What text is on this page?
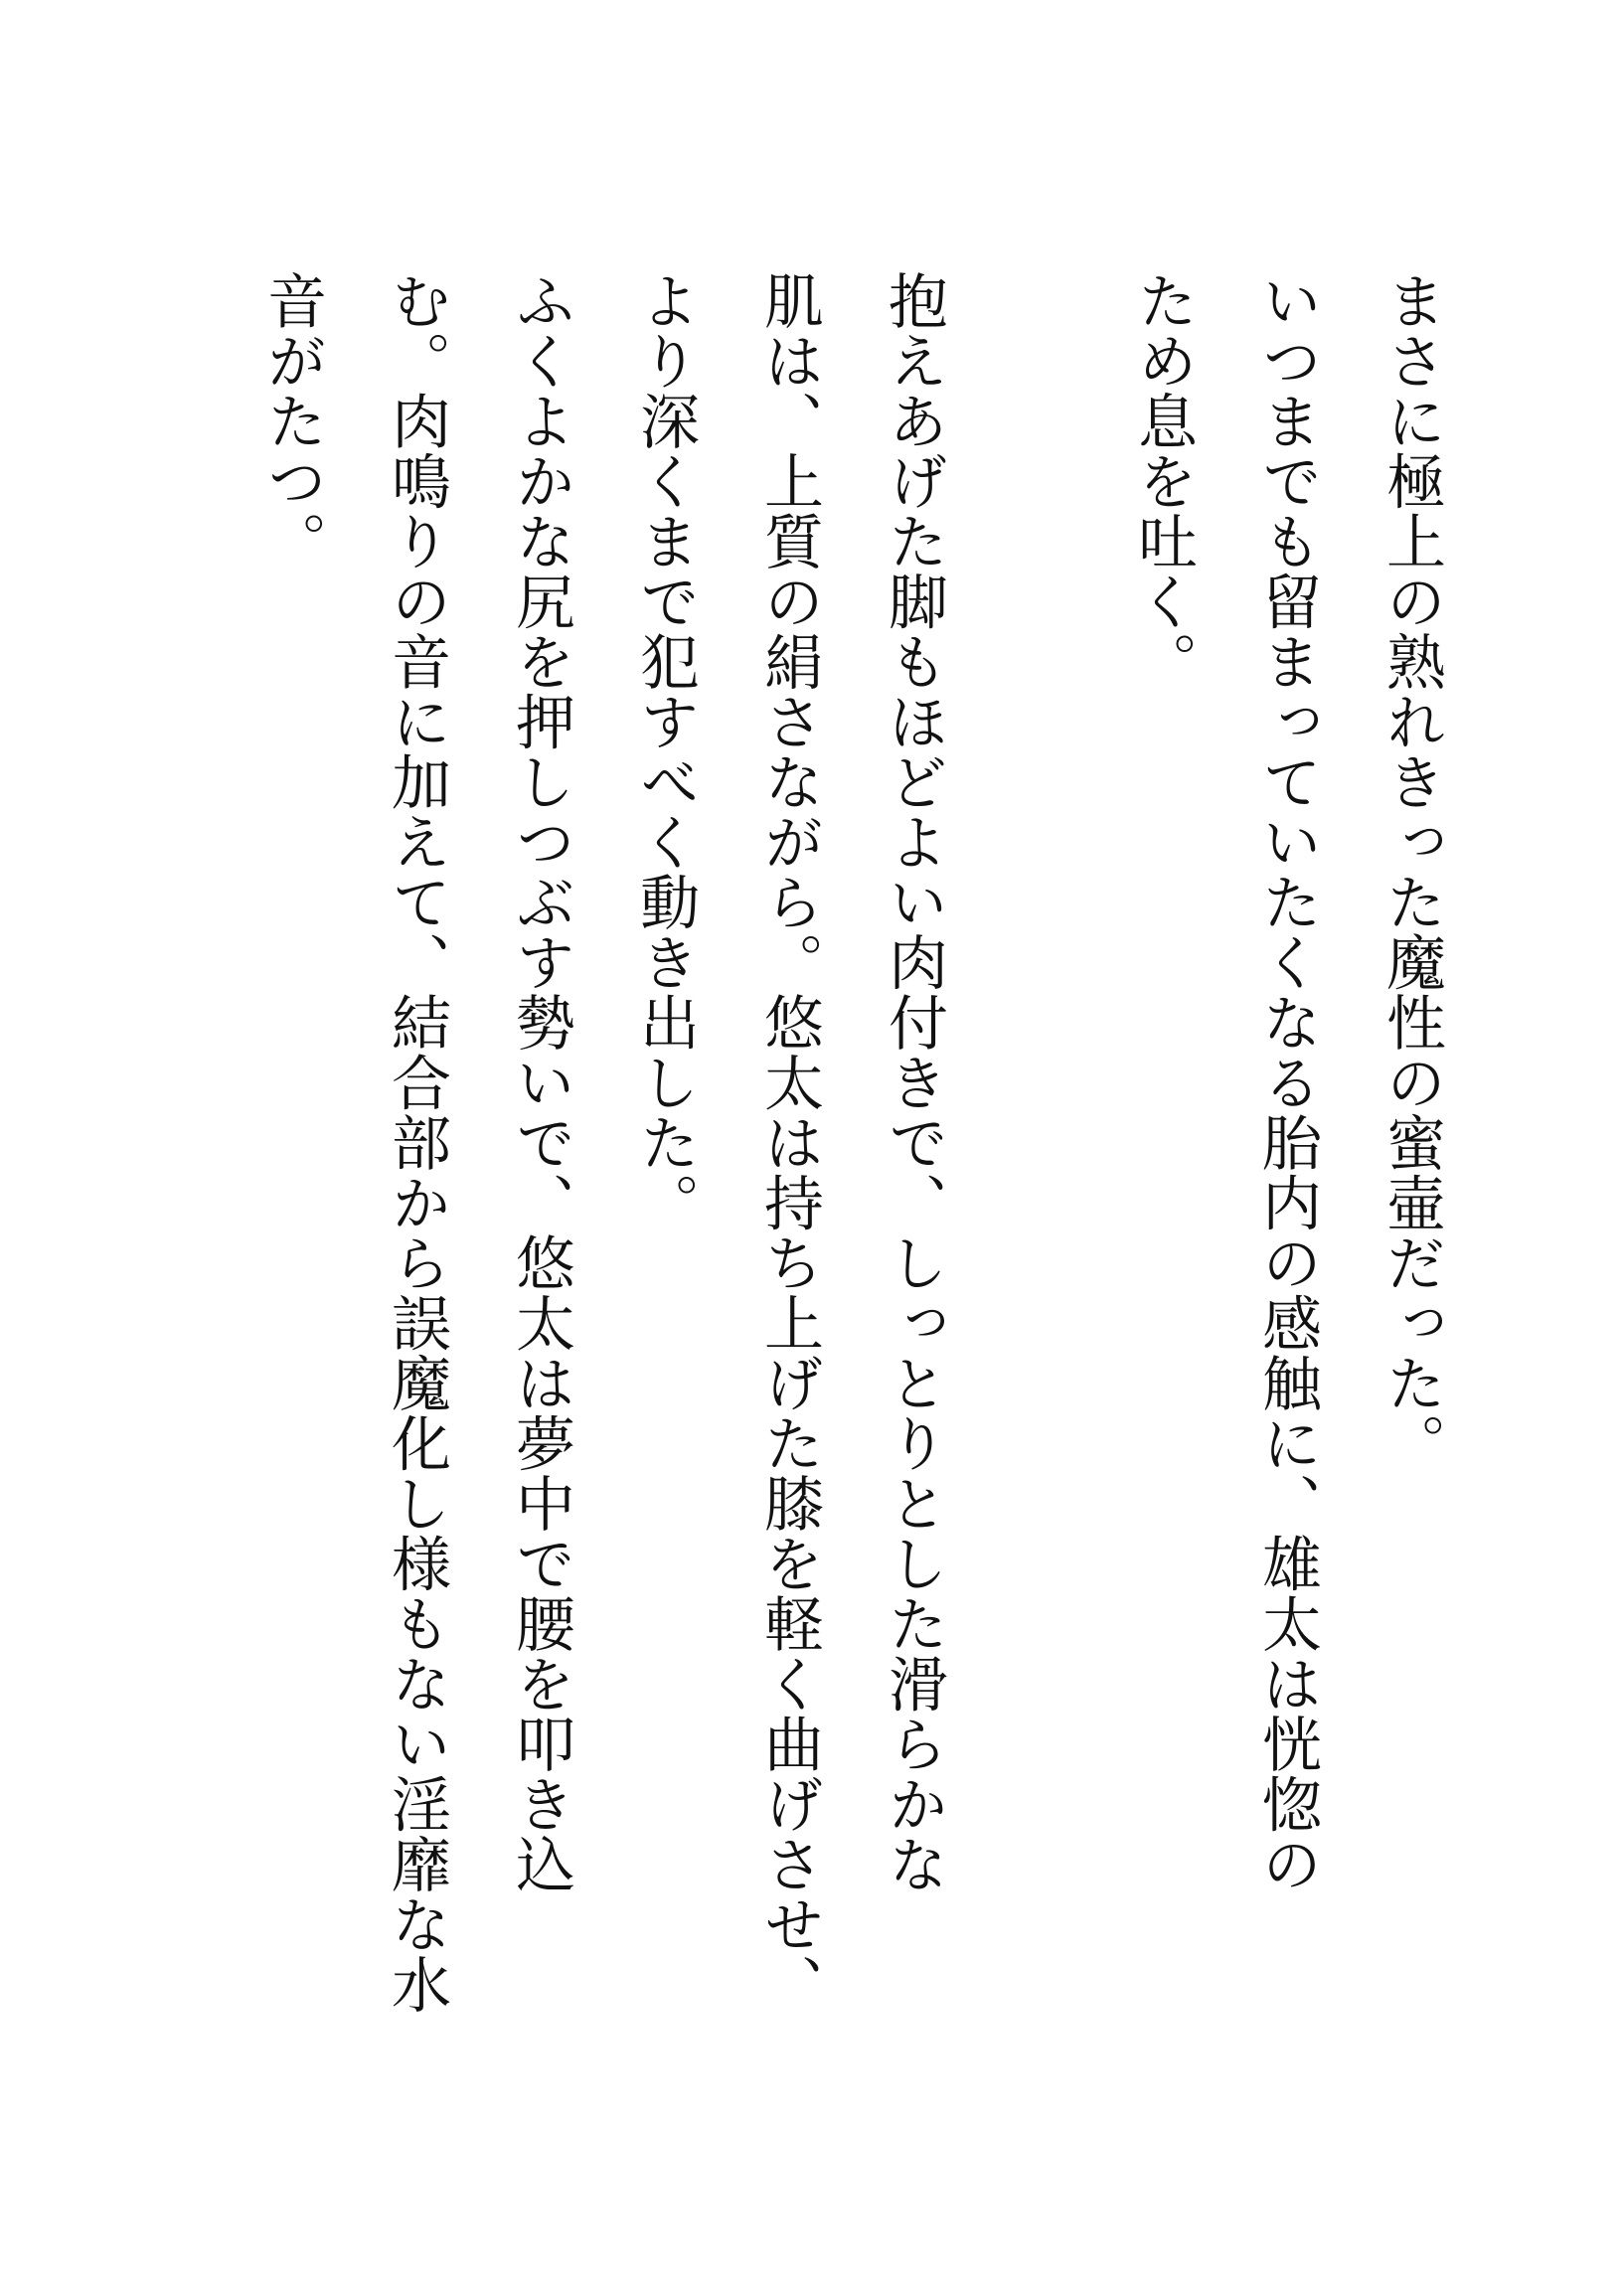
まさに極上の熟れきった魔性の蜜壷だった。
いつまでも留まっていたくなる胎内の感触に、雄太は恍惚の
ため息を吐く。
抱えあげた脚もほどよい肉付きで、しっとりとした滑らかな
肌は、上質の絹さながら。悠太は持ち上げた膝を軽く曲げさせ、
より深くまで犯すべく動き出した。
ふくよかな尻を押しつぶす勢いで、悠太は夢中で腰を叩き込
む。肉鳴りの音に加えて、結合部から誤魔化し様もない淫靡な水
音がたつ。
